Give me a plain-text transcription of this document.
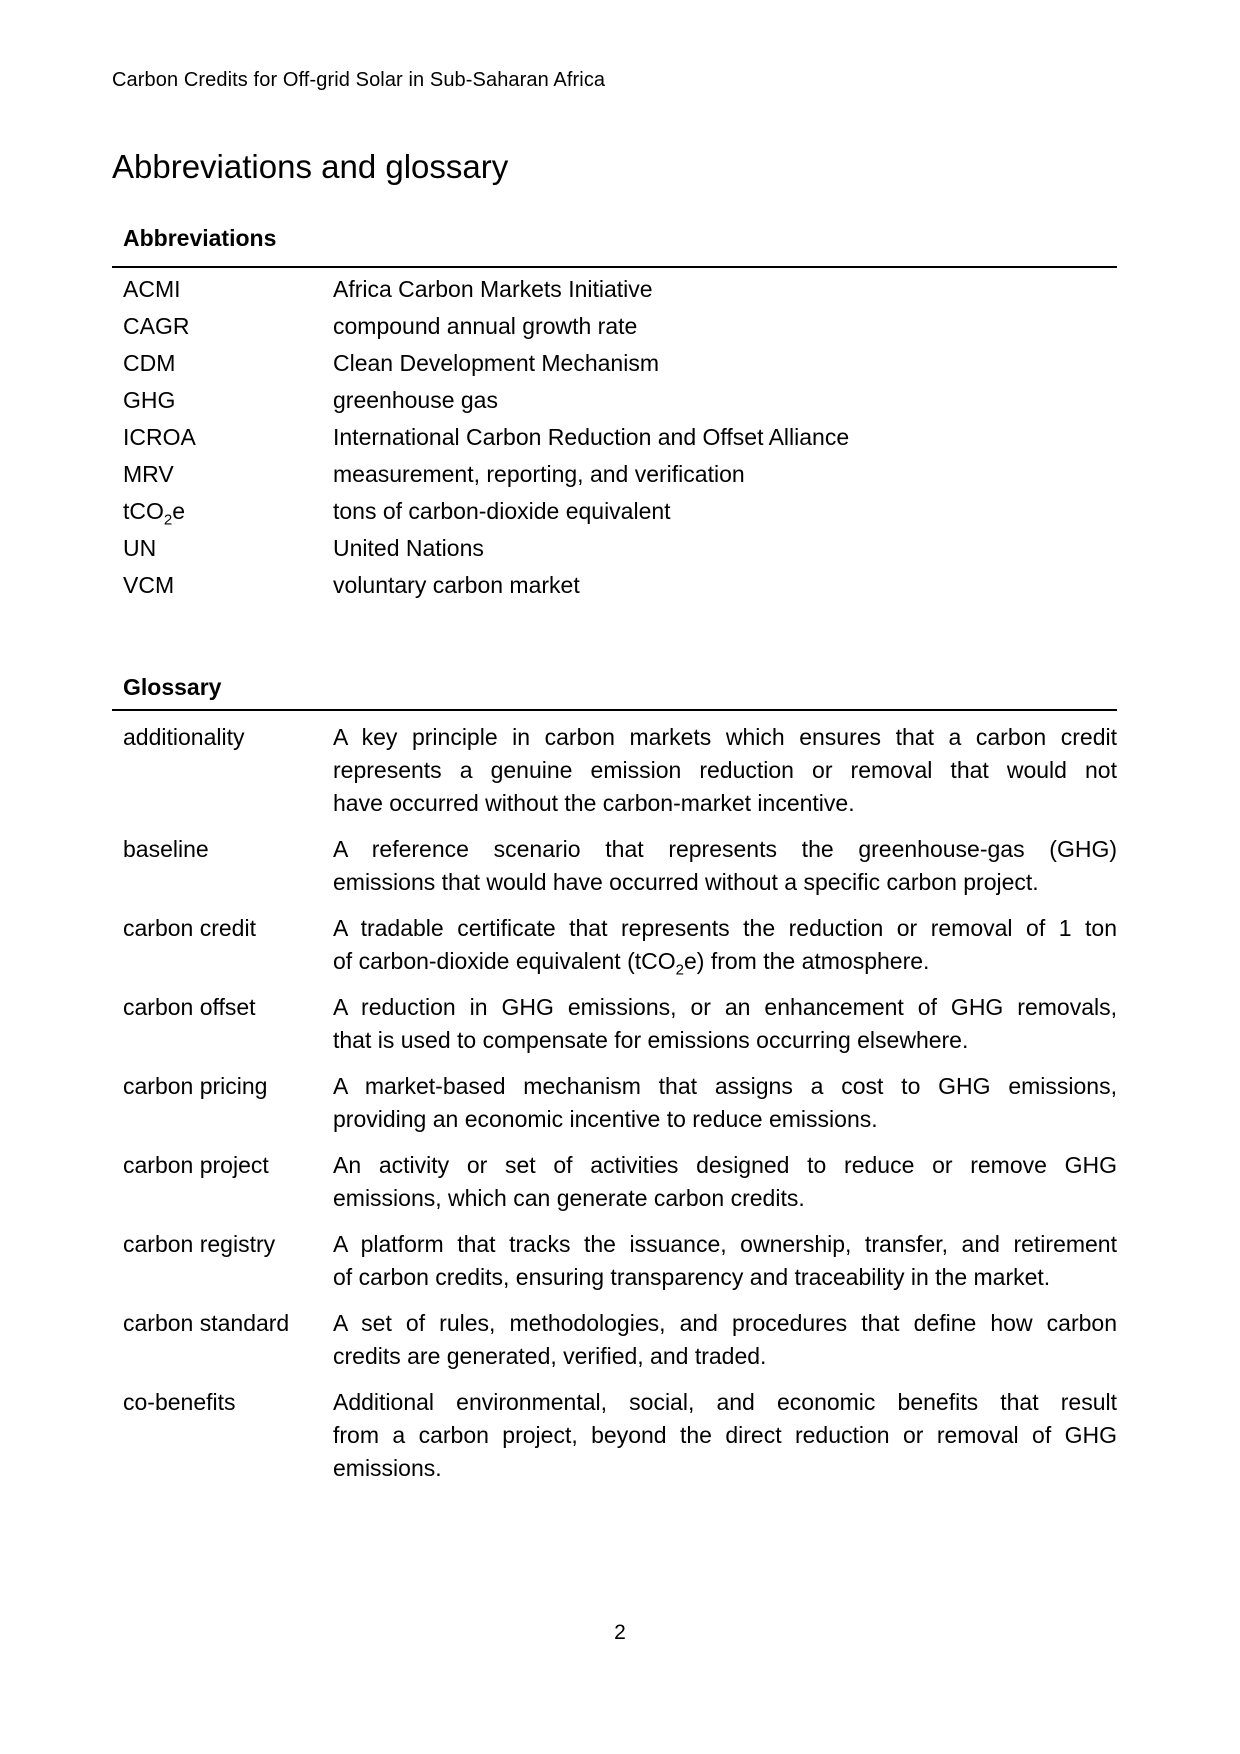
Carbon Credits for Off-grid Solar in Sub-Saharan Africa
Abbreviations and glossary
Abbreviations
ACMI	Africa Carbon Markets Initiative
CAGR	compound annual growth rate
CDM	Clean Development Mechanism
GHG	greenhouse gas
ICROA	International Carbon Reduction and Offset Alliance
MRV	measurement, reporting, and verification
tCO$_2$e	tons of carbon-dioxide equivalent
UN	United Nations
VCM	voluntary carbon market
Glossary
additionality	A key principle in carbon markets which ensures that a carbon credit
represents a genuine emission reduction or removal that would not
have occurred without the carbon-market incentive.
baseline	A reference scenario that represents the greenhouse-gas (GHG)
emissions that would have occurred without a specific carbon project.
carbon credit	A tradable certificate that represents the reduction or removal of 1 ton
of carbon-dioxide equivalent (tCO$_2$e) from the atmosphere.
carbon offset	A reduction in GHG emissions, or an enhancement of GHG removals,
that is used to compensate for emissions occurring elsewhere.
carbon pricing	A market-based mechanism that assigns a cost to GHG emissions,
providing an economic incentive to reduce emissions.
carbon project	An activity or set of activities designed to reduce or remove GHG
emissions, which can generate carbon credits.
carbon registry	A platform that tracks the issuance, ownership, transfer, and retirement
of carbon credits, ensuring transparency and traceability in the market.
carbon standard	A set of rules, methodologies, and procedures that define how carbon
credits are generated, verified, and traded.
co-benefits	Additional environmental, social, and economic benefits that result
from a carbon project, beyond the direct reduction or removal of GHG
emissions.
2
